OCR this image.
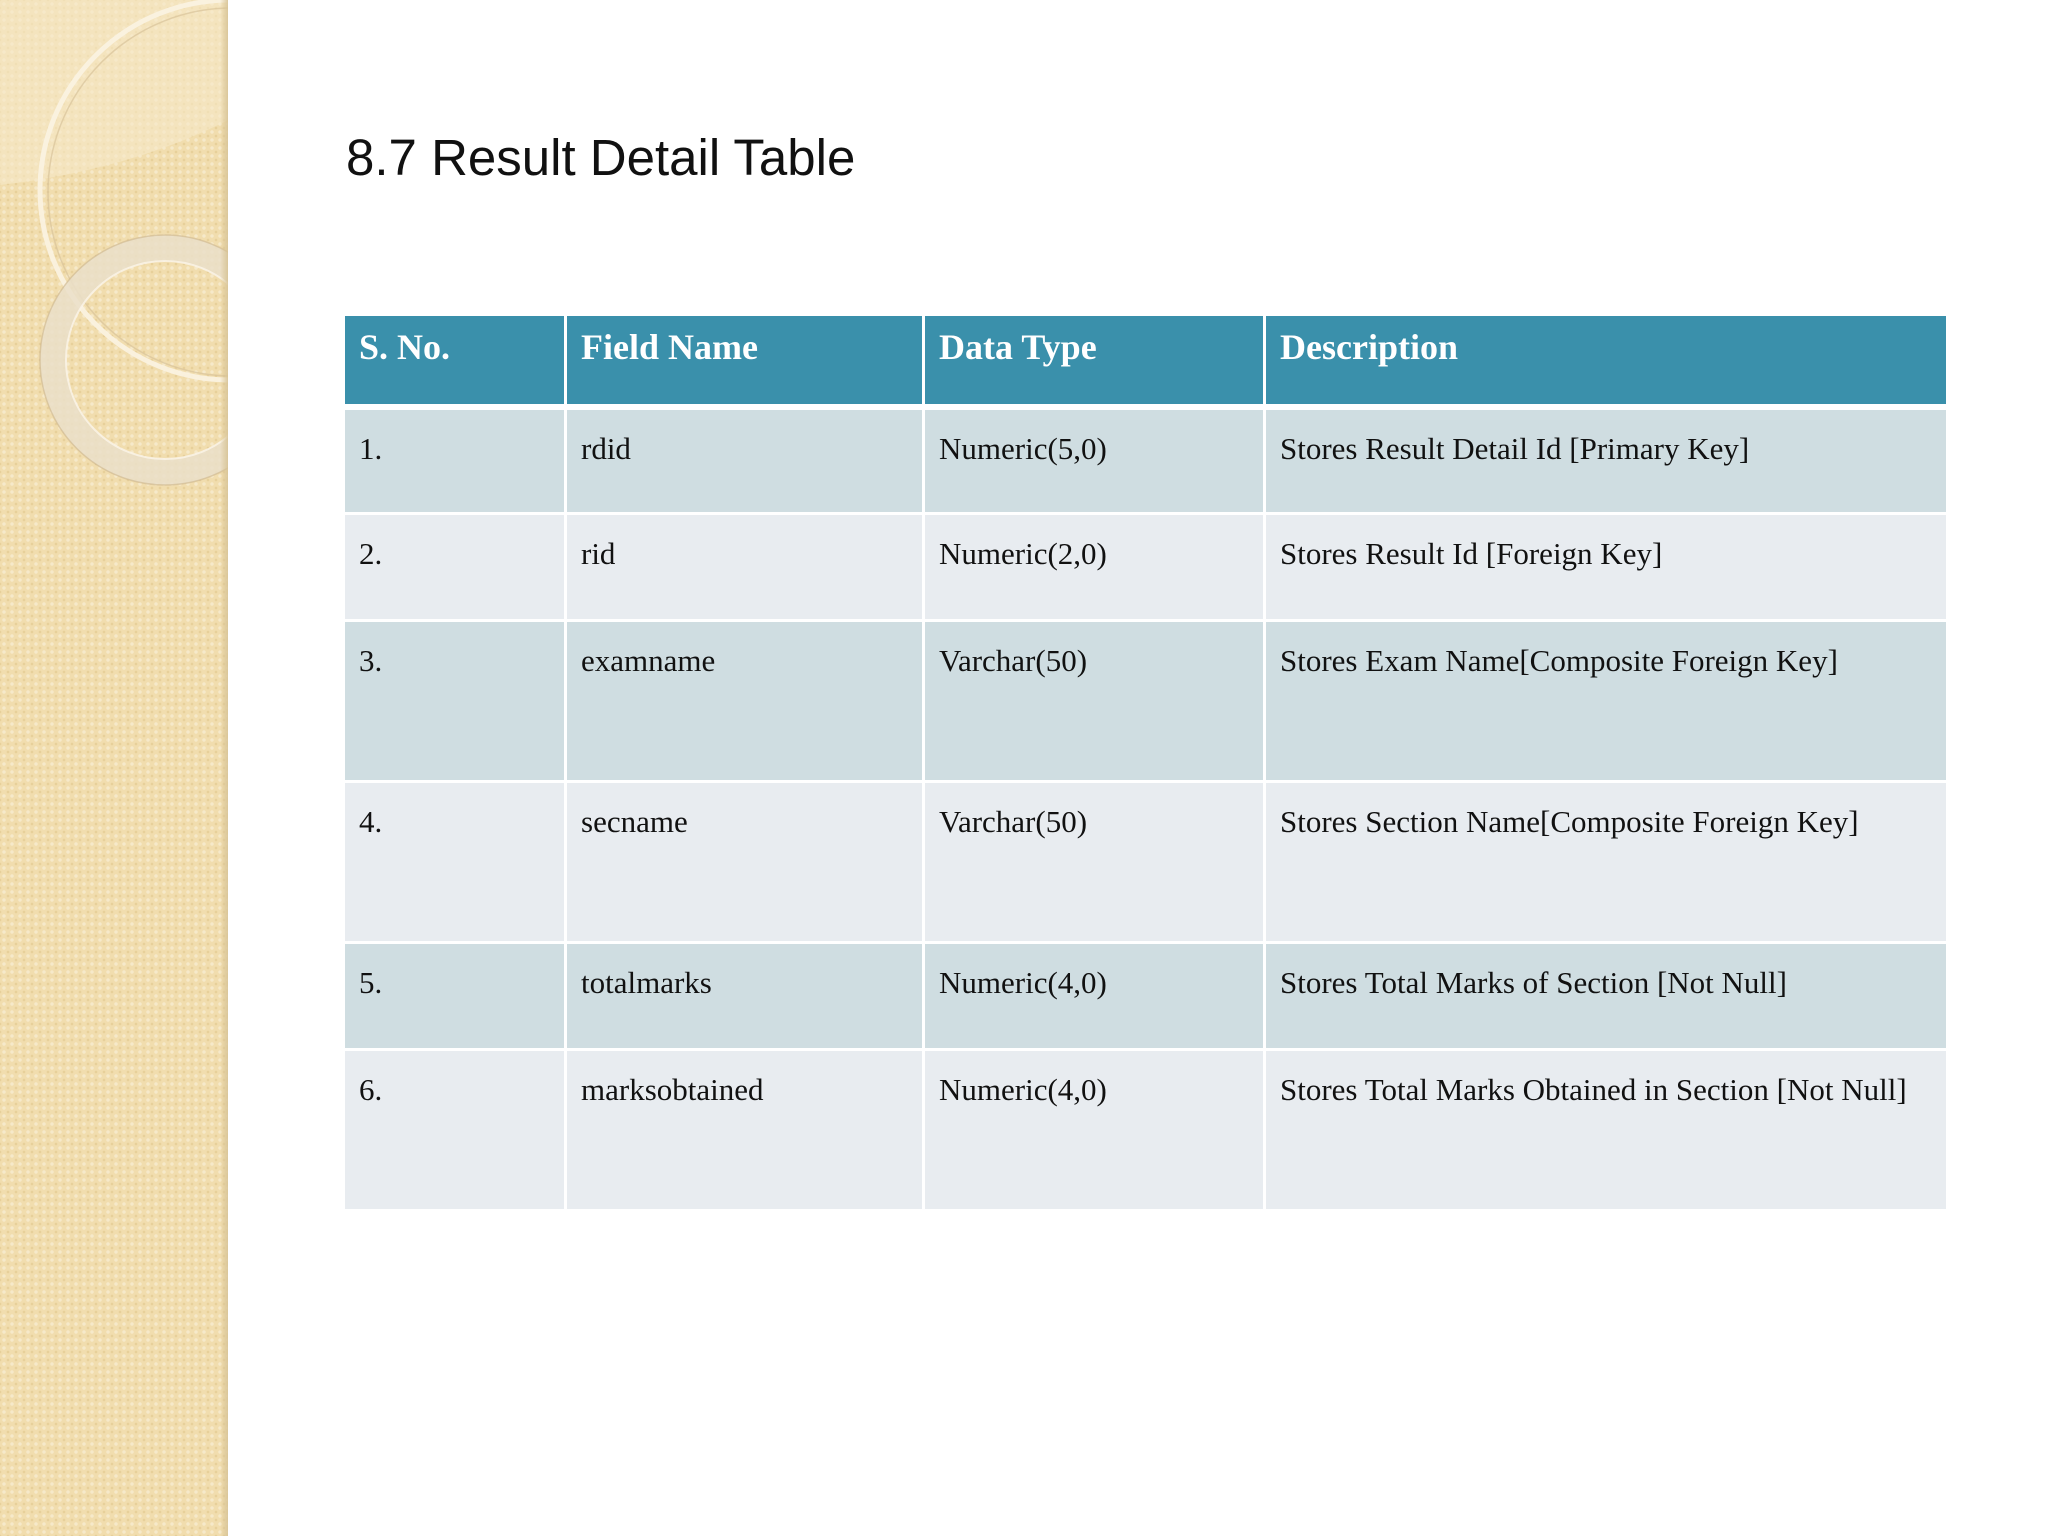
8.7 Result Detail Table
S. No.	Field Name	Data Type	Description
1.	rdid	Numeric(5,0)	Stores Result Detail Id [Primary Key]
2.	rid	Numeric(2,0)	Stores Result Id [Foreign Key]
3.	examname	Varchar(50)	Stores Exam Name[Composite Foreign Key]
4.	secname	Varchar(50)	Stores Section Name[Composite Foreign Key]
5.	totalmarks	Numeric(4,0)	Stores Total Marks of Section [Not Null]
6.	marksobtained	Numeric(4,0)	Stores Total Marks Obtained in Section [Not Null]
